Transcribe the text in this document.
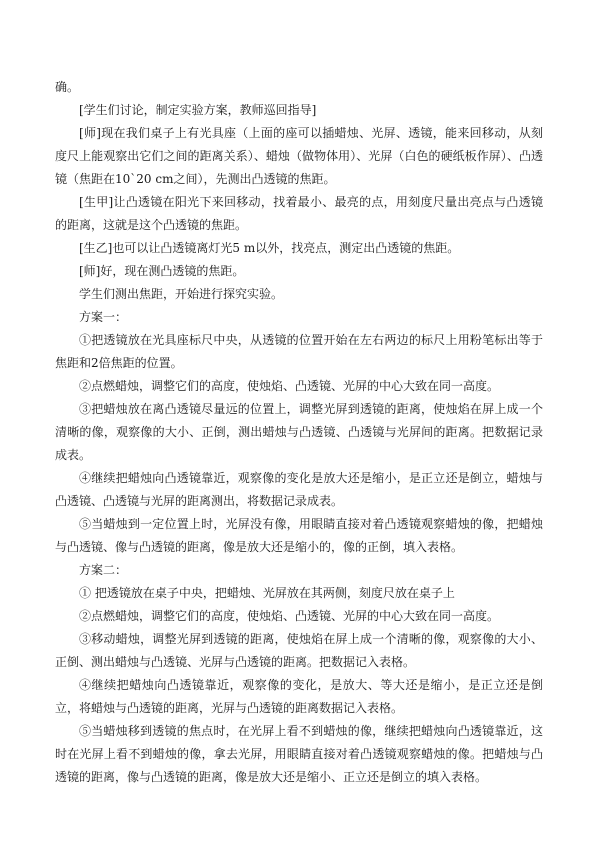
确。

[学生们讨论，制定实验方案，教师巡回指导]

[师]现在我们桌子上有光具座（上面的座可以插蜡烛、光屏、透镜，能来回移动，从刻度尺上能观察出它们之间的距离关系）、蜡烛（做物体用）、光屏（白色的硬纸板作屏）、凸透镜（焦距在10`20 cm之间），先测出凸透镜的焦距。

[生甲]让凸透镜在阳光下来回移动，找着最小、最亮的点，用刻度尺量出亮点与凸透镜的距离，这就是这个凸透镜的焦距。

[生乙]也可以让凸透镜离灯光5 m以外，找亮点，测定出凸透镜的焦距。

[师]好，现在测凸透镜的焦距。

学生们测出焦距，开始进行探究实验。

方案一：

①把透镜放在光具座标尺中央，从透镜的位置开始在左右两边的标尺上用粉笔标出等于焦距和2倍焦距的位置。

②点燃蜡烛，调整它们的高度，使烛焰、凸透镜、光屏的中心大致在同一高度。

③把蜡烛放在离凸透镜尽量远的位置上，调整光屏到透镜的距离，使烛焰在屏上成一个清晰的像，观察像的大小、正倒，测出蜡烛与凸透镜、凸透镜与光屏间的距离。把数据记录成表。

④继续把蜡烛向凸透镜靠近，观察像的变化是放大还是缩小，是正立还是倒立，蜡烛与凸透镜、凸透镜与光屏的距离测出，将数据记录成表。

⑤当蜡烛到一定位置上时，光屏没有像，用眼睛直接对着凸透镜观察蜡烛的像，把蜡烛与凸透镜、像与凸透镜的距离，像是放大还是缩小的，像的正倒，填入表格。

方案二：

① 把透镜放在桌子中央，把蜡烛、光屏放在其两侧，刻度尺放在桌子上

②点燃蜡烛，调整它们的高度，使烛焰、凸透镜、光屏的中心大致在同一高度。

③移动蜡烛，调整光屏到透镜的距离，使烛焰在屏上成一个清晰的像，观察像的大小、正倒、测出蜡烛与凸透镜、光屏与凸透镜的距离。把数据记入表格。

④继续把蜡烛向凸透镜靠近，观察像的变化，是放大、等大还是缩小，是正立还是倒立，将蜡烛与凸透镜的距离，光屏与凸透镜的距离数据记入表格。

⑤当蜡烛移到透镜的焦点时，在光屏上看不到蜡烛的像，继续把蜡烛向凸透镜靠近，这时在光屏上看不到蜡烛的像，拿去光屏，用眼睛直接对着凸透镜观察蜡烛的像。把蜡烛与凸透镜的距离，像与凸透镜的距离，像是放大还是缩小、正立还是倒立的填入表格。
